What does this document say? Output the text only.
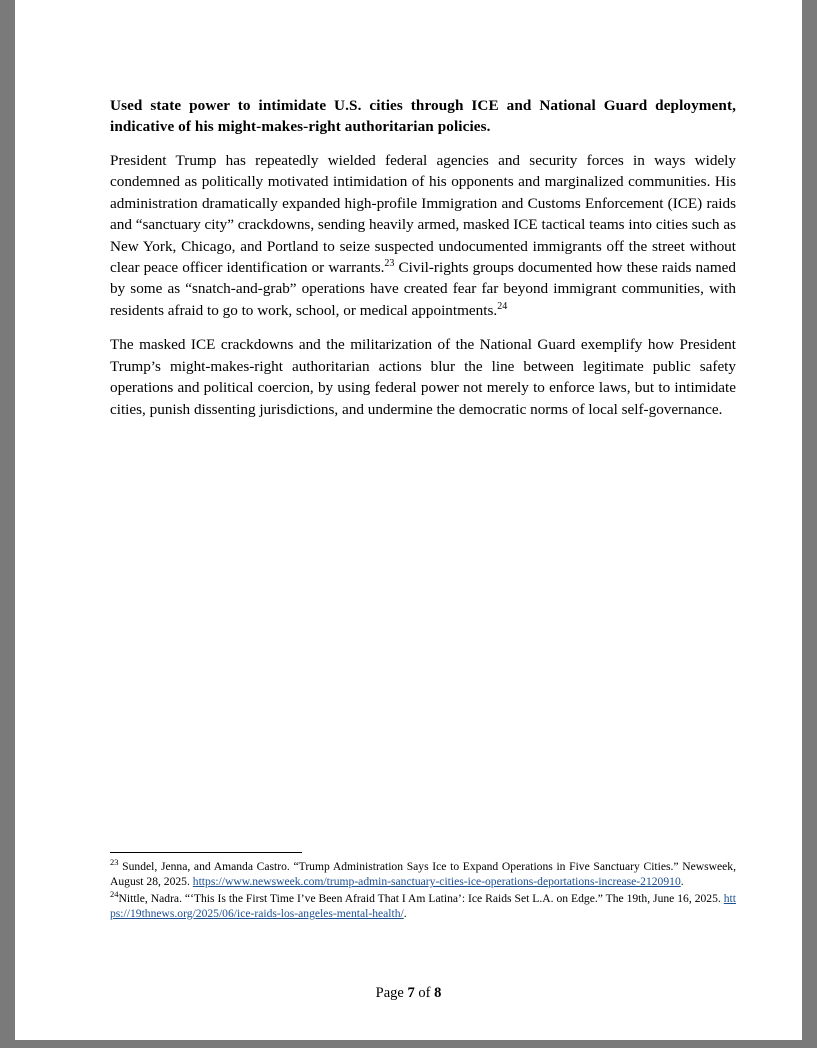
Used state power to intimidate U.S. cities through ICE and National Guard deployment, indicative of his might-makes-right authoritarian policies.

President Trump has repeatedly wielded federal agencies and security forces in ways widely condemned as politically motivated intimidation of his opponents and marginalized communities. His administration dramatically expanded high-profile Immigration and Customs Enforcement (ICE) raids and “sanctuary city” crackdowns, sending heavily armed, masked ICE tactical teams into cities such as New York, Chicago, and Portland to seize suspected undocumented immigrants off the street without clear peace officer identification or warrants.$^{23}$ Civil-rights groups documented how these raids named by some as “snatch-and-grab” operations have created fear far beyond immigrant communities, with residents afraid to go to work, school, or medical appointments.$^{24}$

The masked ICE crackdowns and the militarization of the National Guard exemplify how President Trump’s might-makes-right authoritarian actions blur the line between legitimate public safety operations and political coercion, by using federal power not merely to enforce laws, but to intimidate cities, punish dissenting jurisdictions, and undermine the democratic norms of local self-governance.

$^{23}$ Sundel, Jenna, and Amanda Castro. “Trump Administration Says Ice to Expand Operations in Five Sanctuary Cities.” Newsweek, August 28, 2025. https://www.newsweek.com/trump-admin-sanctuary-cities-ice-operations-deportations-increase-2120910.

$^{24}$Nittle, Nadra. “‘This Is the First Time I’ve Been Afraid That I Am Latina’: Ice Raids Set L.A. on Edge.” The 19th, June 16, 2025. https://19thnews.org/2025/06/ice-raids-los-angeles-mental-health/.

Page 7 of 8
